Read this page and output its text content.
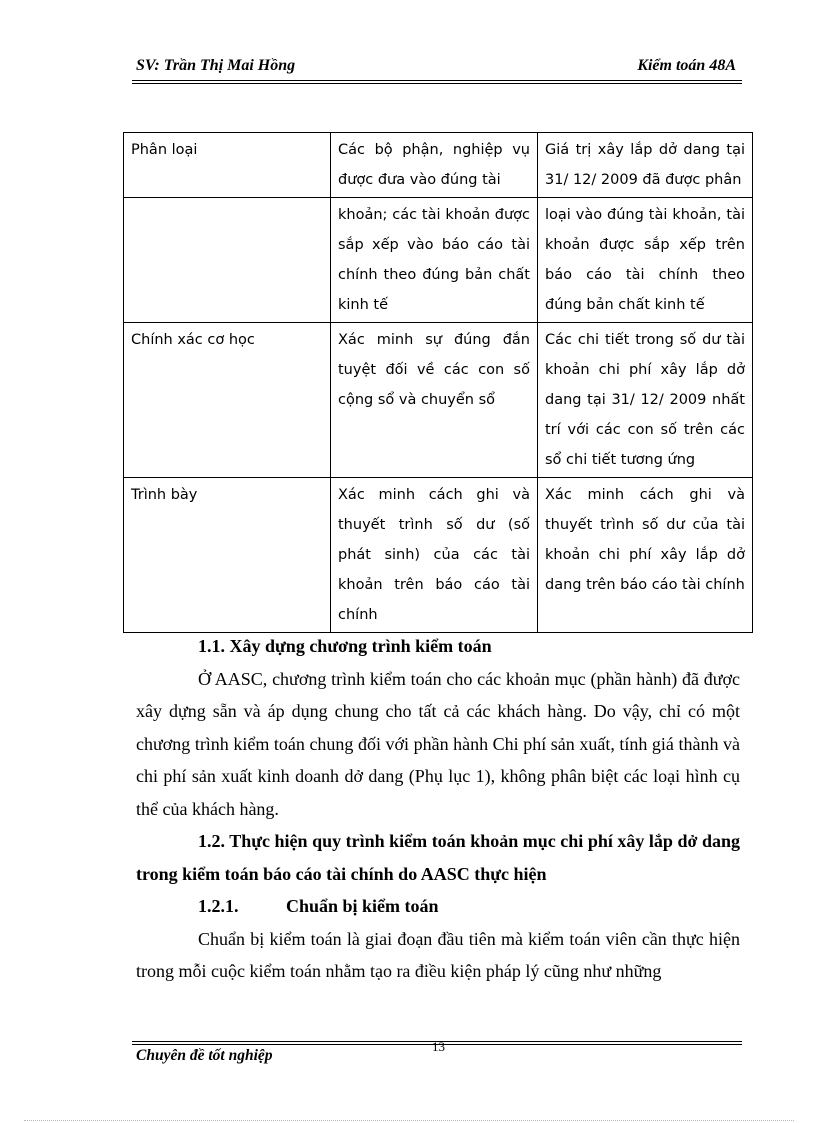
SV: Trần Thị Mai Hồng	Kiểm toán 48A
Phân loại	Các bộ phận, nghiệp vụ được đưa vào đúng tài	Giá trị xây lắp dở dang tại 31/ 12/ 2009 đã được phân
	khoản; các tài khoản được sắp xếp vào báo cáo tài chính theo đúng bản chất kinh tế	loại vào đúng tài khoản, tài khoản được sắp xếp trên báo cáo tài chính theo đúng bản chất kinh tế
Chính xác cơ học	Xác minh sự đúng đắn tuyệt đối về các con số cộng sổ và chuyển sổ	Các chi tiết trong số dư tài khoản chi phí xây lắp dở dang tại 31/ 12/ 2009 nhất trí với các con số trên các sổ chi tiết tương ứng
Trình bày	Xác minh cách ghi và thuyết trình số dư (số phát sinh) của các tài khoản trên báo cáo tài chính	Xác minh cách ghi và thuyết trình số dư của tài khoản chi phí xây lắp dở dang trên báo cáo tài chính

1.1. Xây dựng chương trình kiểm toán

Ở AASC, chương trình kiểm toán cho các khoản mục (phần hành) đã được xây dựng sẵn và áp dụng chung cho tất cả các khách hàng. Do vậy, chỉ có một chương trình kiểm toán chung đối với phần hành Chi phí sản xuất, tính giá thành và chi phí sản xuất kinh doanh dở dang (Phụ lục 1), không phân biệt các loại hình cụ thể của khách hàng.

1.2. Thực hiện quy trình kiểm toán khoản mục chi phí xây lắp dở dang trong kiểm toán báo cáo tài chính do AASC thực hiện

1.2.1.	Chuẩn bị kiểm toán

Chuẩn bị kiểm toán là giai đoạn đầu tiên mà kiểm toán viên cần thực hiện trong mỗi cuộc kiểm toán nhằm tạo ra điều kiện pháp lý cũng như những

13
Chuyên đề tốt nghiệp
